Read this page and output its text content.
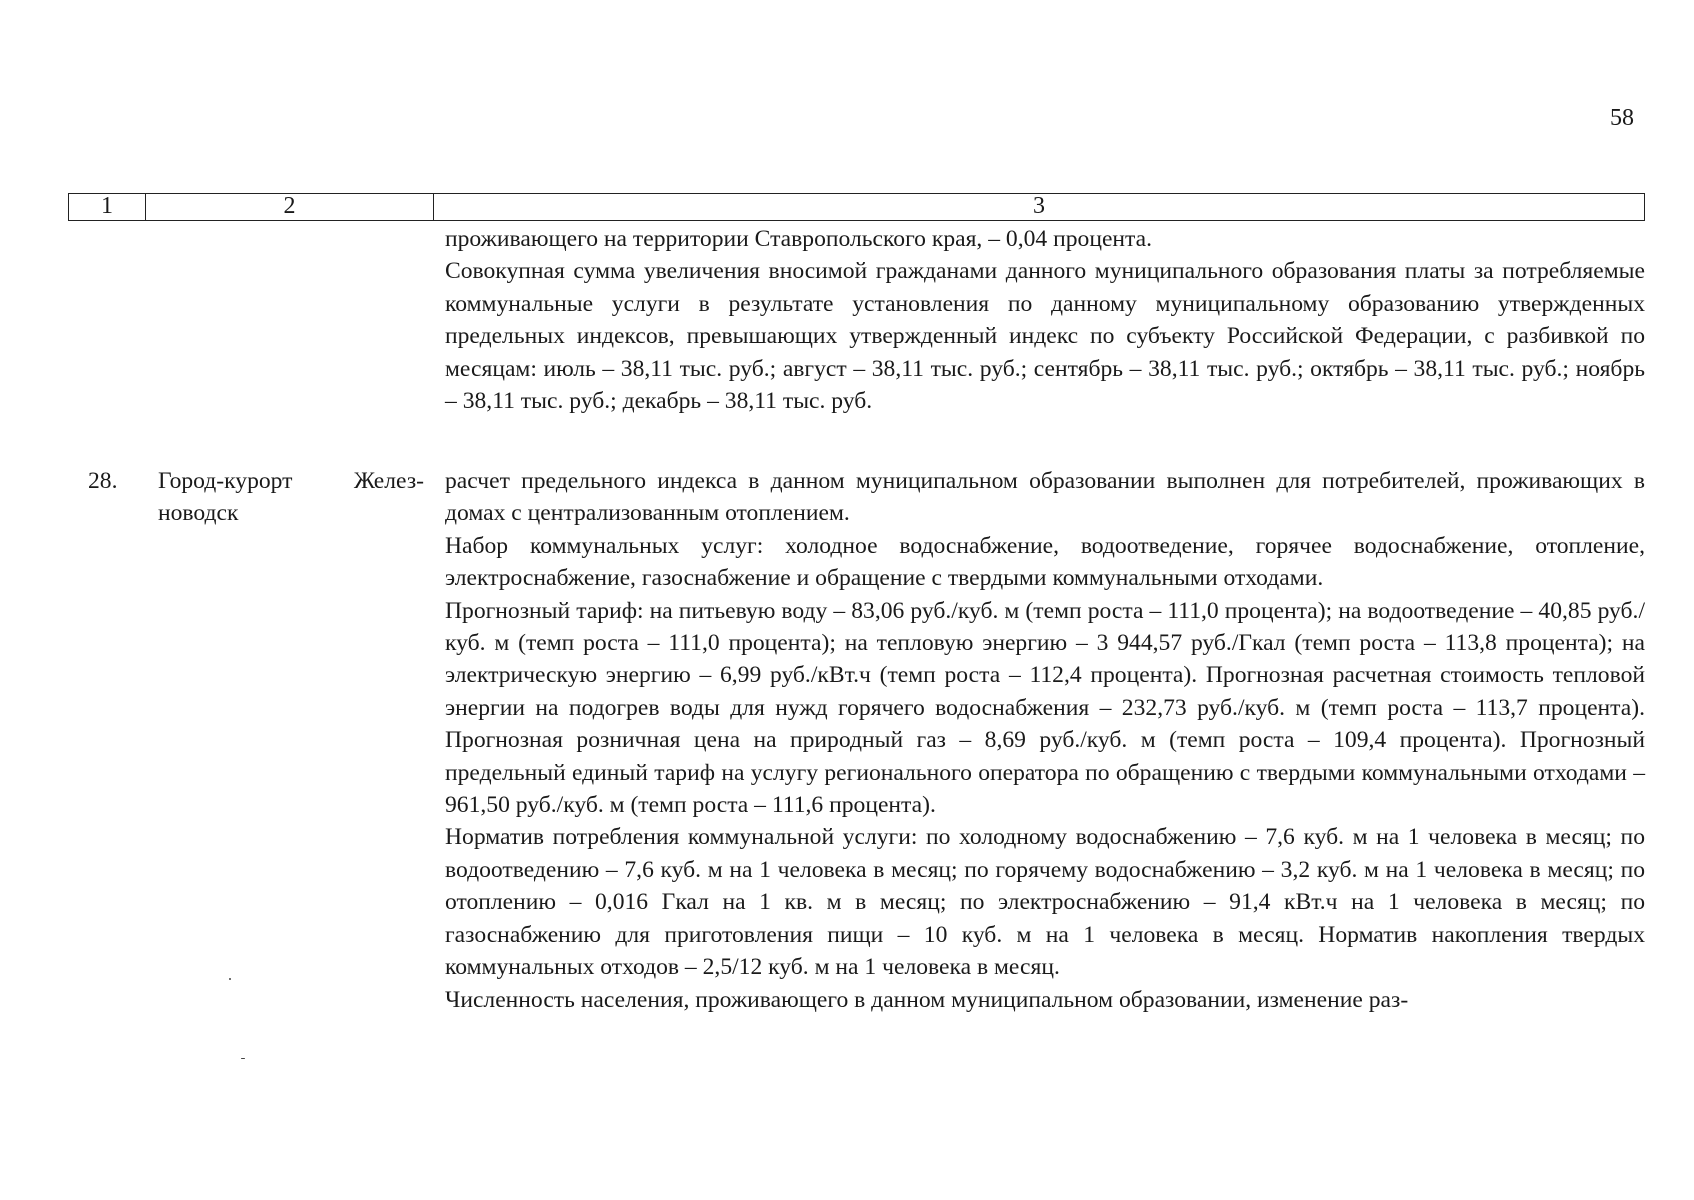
58
1	2	3

проживающего на территории Ставропольского края, – 0,04 процента.

Совокупная сумма увеличения вносимой гражданами данного муниципального образования платы за потребляемые коммунальные услуги в результате установления по данному муниципальному образованию утвержденных предельных индексов, превышающих утвержденный индекс по субъекту Российской Федерации, с разбивкой по месяцам: июль – 38,11 тыс. руб.; август – 38,11 тыс. руб.; сентябрь – 38,11 тыс. руб.; октябрь – 38,11 тыс. руб.; ноябрь – 38,11 тыс. руб.; декабрь – 38,11 тыс. руб.

28. Город-курорт Желез-
новодск

расчет предельного индекса в данном муниципальном образовании выполнен для потребителей, проживающих в домах с централизованным отоплением.

Набор коммунальных услуг: холодное водоснабжение, водоотведение, горячее водоснабжение, отопление, электроснабжение, газоснабжение и обращение с твердыми коммунальными отходами.

Прогнозный тариф: на питьевую воду – 83,06 руб./куб. м (темп роста – 111,0 процента); на водоотведение – 40,85 руб./куб. м (темп роста – 111,0 процента); на тепловую энергию – 3 944,57 руб./Гкал (темп роста – 113,8 процента); на электрическую энергию – 6,99 руб./кВт.ч (темп роста – 112,4 процента). Прогнозная расчетная стоимость тепловой энергии на подогрев воды для нужд горячего водоснабжения – 232,73 руб./куб. м (темп роста – 113,7 процента). Прогнозная розничная цена на природный газ – 8,69 руб./куб. м (темп роста – 109,4 процента). Прогнозный предельный единый тариф на услугу регионального оператора по обращению с твердыми коммунальными отходами – 961,50 руб./куб. м (темп роста – 111,6 процента).

Норматив потребления коммунальной услуги: по холодному водоснабжению – 7,6 куб. м на 1 человека в месяц; по водоотведению – 7,6 куб. м на 1 человека в месяц; по горячему водоснабжению – 3,2 куб. м на 1 человека в месяц; по отоплению – 0,016 Гкал на 1 кв. м в месяц; по электроснабжению – 91,4 кВт.ч на 1 человека в месяц; по газоснабжению для приготовления пищи – 10 куб. м на 1 человека в месяц. Норматив накопления твердых коммунальных отходов – 2,5/12 куб. м на 1 человека в месяц.

Численность населения, проживающего в данном муниципальном образовании, изменение раз-
